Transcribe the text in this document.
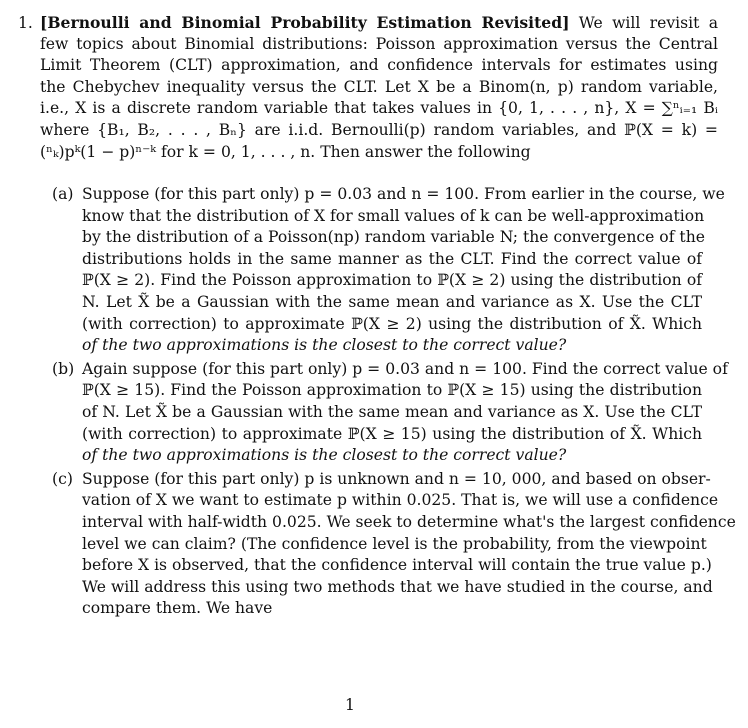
1. [Bernoulli and Binomial Probability Estimation Revisited] We will revisit a
few topics about Binomial distributions: Poisson approximation versus the Central
Limit Theorem (CLT) approximation, and confidence intervals for estimates using
the Chebychev inequality versus the CLT. Let X be a Binom(n, p) random variable,
i.e., X is a discrete random variable that takes values in {0, 1, . . . , n}, X = ∑ⁿᵢ₌₁ Bᵢ
where {B₁, B₂, . . . , Bₙ} are i.i.d. Bernoulli(p) random variables, and ℙ(X = k) =
(ⁿₖ)pᵏ(1 − p)ⁿ⁻ᵏ for k = 0, 1, . . . , n. Then answer the following
(a) Suppose (for this part only) p = 0.03 and n = 100. From earlier in the course, we
know that the distribution of X for small values of k can be well-approximation
by the distribution of a Poisson(np) random variable N; the convergence of the
distributions holds in the same manner as the CLT. Find the correct value of
ℙ(X ≥ 2). Find the Poisson approximation to ℙ(X ≥ 2) using the distribution of
N. Let X̃ be a Gaussian with the same mean and variance as X. Use the CLT
(with correction) to approximate ℙ(X ≥ 2) using the distribution of X̃. Which
of the two approximations is the closest to the correct value?
(b) Again suppose (for this part only) p = 0.03 and n = 100. Find the correct value of
ℙ(X ≥ 15). Find the Poisson approximation to ℙ(X ≥ 15) using the distribution
of N. Let X̃ be a Gaussian with the same mean and variance as X. Use the CLT
(with correction) to approximate ℙ(X ≥ 15) using the distribution of X̃. Which
of the two approximations is the closest to the correct value?
(c) Suppose (for this part only) p is unknown and n = 10, 000, and based on obser-
vation of X we want to estimate p within 0.025. That is, we will use a confidence
interval with half-width 0.025. We seek to determine what's the largest confidence
level we can claim? (The confidence level is the probability, from the viewpoint
before X is observed, that the confidence interval will contain the true value p.)
We will address this using two methods that we have studied in the course, and
compare them. We have
1
